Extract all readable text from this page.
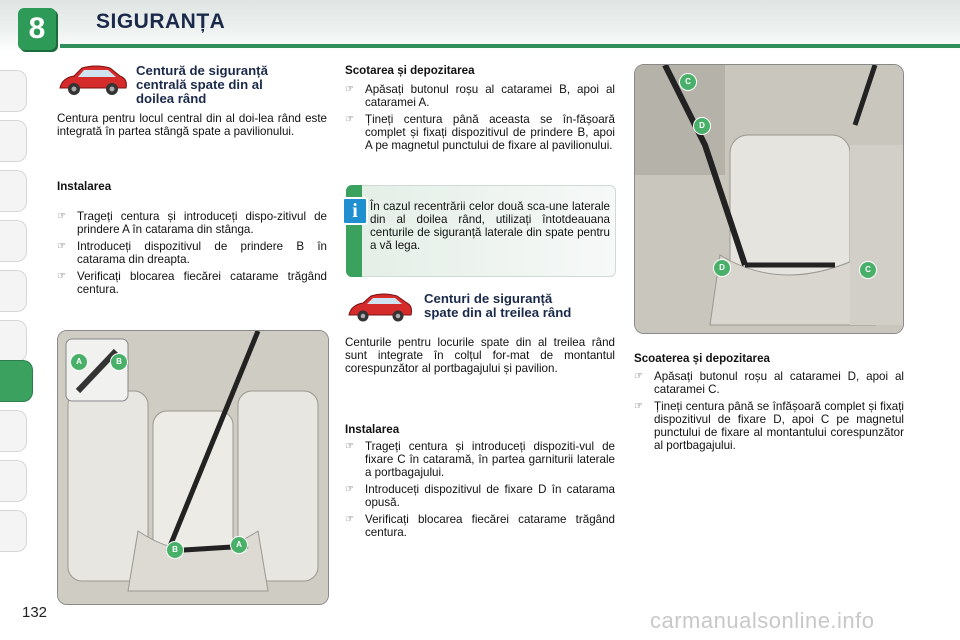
8	SIGURANȚA
Centură de siguranță
centrală spate din al
doilea rând
Centura pentru locul central din al doi-lea rând este integrată în partea stângă spate a pavilionului.
Instalarea
☞ Trageți centura și introduceți dispo-zitivul de prindere A în catarama din stânga.
☞ Introduceți dispozitivul de prindere B în catarama din dreapta.
☞ Verificați blocarea fiecărei catarame trăgând centura.
A	B
B
A
Scotarea și depozitarea
☞ Apăsați butonul roșu al cataramei B, apoi al cataramei A.
☞ Țineți centura până aceasta se în-fășoară complet și fixați dispozitivul de prindere B, apoi A pe magnetul punctului de fixare al pavilionului.
i	În cazul recentrării celor două sca-une laterale din al doilea rând, utilizați întotdeauana centurile de siguranță laterale din spate pentru a vă lega.
Centuri de siguranță
spate din al treilea rând
Centurile pentru locurile spate din al treilea rând sunt integrate în colțul for-mat de montantul corespunzător al portbagajului și pavilion.
Instalarea
☞ Trageți centura și introduceți dispoziti-vul de fixare C în cataramă, în partea garniturii laterale a portbagajului.
☞ Introduceți dispozitivul de fixare D în catarama opusă.
☞ Verificați blocarea fiecărei catarame trăgând centura.
C
D
D	C
Scoaterea și depozitarea
☞ Apăsați butonul roșu al cataramei D, apoi al cataramei C.
☞ Țineți centura până se înfășoară complet și fixați dispozitivul de fixare D, apoi C pe magnetul punctului de fixare al montantului corespunzător al portbagajului.
132	carmanualsonline.info
